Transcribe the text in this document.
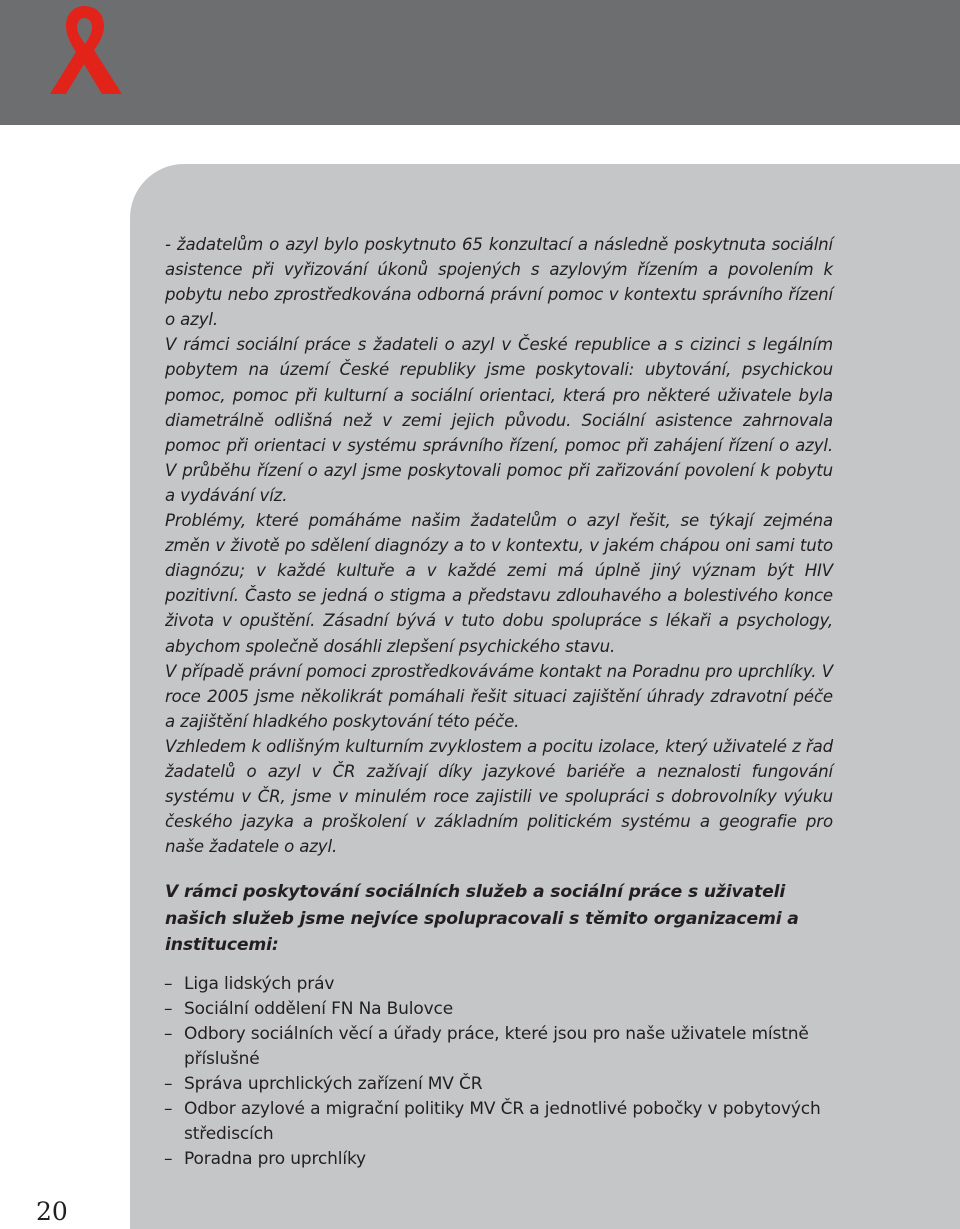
20

- žadatelům o azyl bylo poskytnuto 65 konzultací a následně poskytnuta sociální asistence při vyřizování úkonů spojených s azylovým řízením a povolením k pobytu nebo zprostředkována odborná právní pomoc v kontextu správního řízení o azyl.

V rámci sociální práce s žadateli o azyl v České republice a s cizinci s legálním pobytem na území České republiky jsme poskytovali: ubytování, psychickou pomoc, pomoc při kulturní a sociální orientaci, která pro některé uživatele byla diametrálně odlišná než v zemi jejich původu. Sociální asistence zahrnovala pomoc při orientaci v systému správního řízení, pomoc při zahájení řízení o azyl. V průběhu řízení o azyl jsme poskytovali pomoc při zařizování povolení k pobytu a vydávání víz.

Problémy, které pomáháme našim žadatelům o azyl řešit, se týkají zejména změn v životě po sdělení diagnózy a to v kontextu, v jakém chápou oni sami tuto diagnózu; v každé kultuře a v každé zemi má úplně jiný význam být HIV pozitivní. Často se jedná o stigma a představu zdlouhavého a bolestivého konce života v opuštění. Zásadní bývá v tuto dobu spolupráce s lékaři a psychology, abychom společně dosáhli zlepšení psychického stavu.

V případě právní pomoci zprostředkováváme kontakt na Poradnu pro uprchlíky. V roce 2005 jsme několikrát pomáhali řešit situaci zajištění úhrady zdravotní péče a zajištění hladkého poskytování této péče.

Vzhledem k odlišným kulturním zvyklostem a pocitu izolace, který uživatelé z řad žadatelů o azyl v ČR zažívají díky jazykové bariéře a neznalosti fungování systému v ČR, jsme v minulém roce zajistili ve spolupráci s dobrovolníky výuku českého jazyka a proškolení v základním politickém systému a geografie pro naše žadatele o azyl.

V rámci poskytování sociálních služeb a sociální práce s uživateli našich služeb jsme nejvíce spolupracovali s těmito organizacemi a institucemi:

– Liga lidských práv
– Sociální oddělení FN Na Bulovce
– Odbory sociálních věcí a úřady práce, které jsou pro naše uživatele místně příslušné
– Správa uprchlických zařízení MV ČR
– Odbor azylové a migrační politiky MV ČR a jednotlivé pobočky v pobytových střediscích
– Poradna pro uprchlíky
